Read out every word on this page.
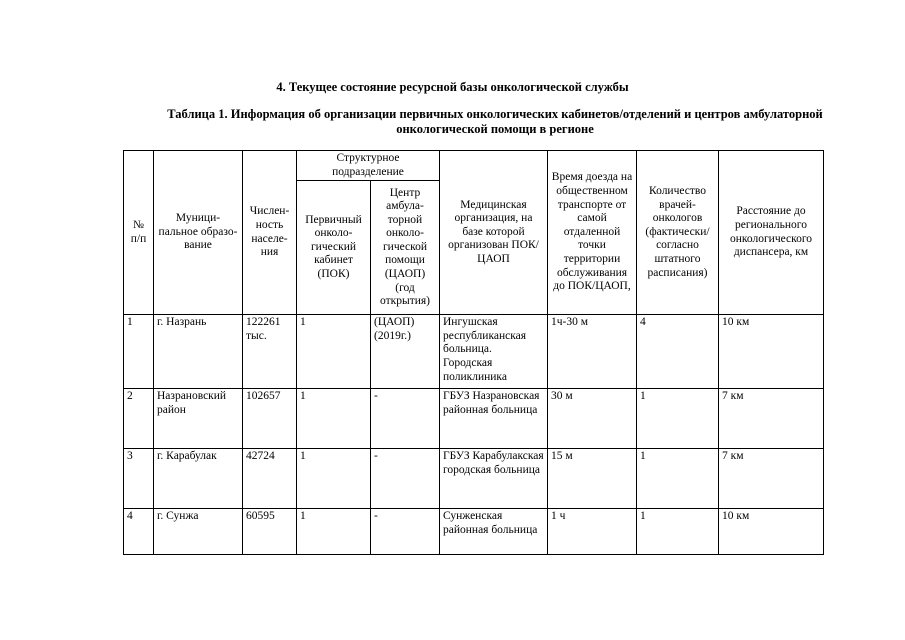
4. Текущее состояние ресурсной базы онкологической службы
Таблица 1. Информация об организации первичных онкологических кабинетов/отделений и центров амбулаторной онкологической помощи в регионе
№ п/п	Муници-пальное образо-вание	Числен-ность населе-ния	Структурное подразделение		Медицинская организация, на базе которой организован ПОК/ЦАОП	Время доезда на общественном транспорте от самой отдаленной точки территории обслуживания до ПОК/ЦАОП,	Количество врачей-онкологов (фактически/ согласно штатного расписания)	Расстояние до регионального онкологического диспансера, км
			Первичный онколо-гический кабинет (ПОК)	Центр амбула-торной онколо-гической помощи (ЦАОП) (год открытия)				
1	г. Назрань	122261 тыс.	1	(ЦАОП) (2019г.)	Ингушская республиканская больница. Городская поликлиника	1ч-30 м	4	10 км
2	Назрановский район	102657	1	-	ГБУЗ Назрановская районная больница	30 м	1	7 км
3	г. Карабулак	42724	1	-	ГБУЗ Карабулакская городская больница	15 м	1	7 км
4	г. Сунжа	60595	1	-	Сунженская районная больница	1 ч	1	10 км
